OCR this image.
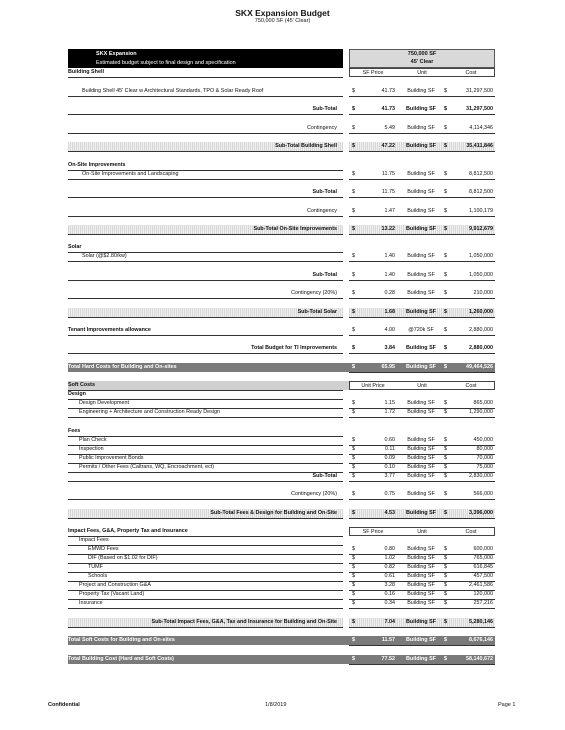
SKX Expansion Budget
750,000 SF (45' Clear)
SKX Expansion
Estimated budget subject to final design and specification
750,000 SF
45' Clear
Building Shell	SF Price	Unit	Cost
Building Shell 45' Clear w Architectural Standards, TPO & Solar Ready Roof	$	41.73	Building SF	$	31,297,500
Sub-Total	$	41.73	Building SF	$	31,297,500
Contingency	$	5.49	Building SF	$	4,114,346
Sub-Total Building Shell	$	47.22	Building SF	$	35,411,846
On-Site Improvements
On-Site Improvements and Landscaping	$	11.75	Building SF	$	8,812,500
Sub-Total	$	11.75	Building SF	$	8,812,500
Contingency	$	1.47	Building SF	$	1,100,179
Sub-Total On-Site Improvements	$	13.22	Building SF	$	9,912,679
Solar
Solar (@$2.80/kw)	$	1.40	Building SF	$	1,050,000
Sub-Total	$	1.40	Building SF	$	1,050,000
Contingency (20%)	$	0.28	Building SF	$	210,000
Sub-Total Solar	$	1.68	Building SF	$	1,260,000
Tenant Improvements allowance	$	4.00	@720k SF	$	2,880,000
Total Budget for TI Improvements	$	3.84	Building SF	$	2,880,000
Total Hard Costs for Building and On-sites	$	65.95	Building SF	$	49,464,526
Soft Costs	Unit Price	Unit	Cost
Design
Design Development	$	1.15	Building SF	$	865,000
Engineering + Architecture and Construction Ready Design	$	1.72	Building SF	$	1,290,000
Fees
Plan Check	$	0.60	Building SF	$	450,000
Inspection	$	0.11	Building SF	$	80,000
Public Improvement Bonds	$	0.09	Building SF	$	70,000
Permits / Other Fees (Caltrans, WQ, Encroachment, ect)	$	0.10	Building SF	$	75,000
Sub-Total	$	3.77	Building SF	$	2,830,000
Contingency (20%)	$	0.75	Building SF	$	566,000
Sub-Total Fees & Design for Building and On-Site	$	4.53	Building SF	$	3,396,000
Impact Fees, G&A, Property Tax and Insurance	SF Price	Unit	Cost
Impact Fees
EMWD Fees	$	0.80	Building SF	$	600,000
DIF (Based on $1.02 for DIF)	$	1.02	Building SF	$	765,000
TUMF	$	0.82	Building SF	$	616,845
Schools	$	0.61	Building SF	$	457,500
Project and Construction G&A	$	3.28	Building SF	$	2,461,586
Property Tax (Vacant Land)	$	0.16	Building SF	$	120,000
Insurance	$	0.34	Building SF	$	257,216
Sub-Total Impact Fees, G&A, Tax and Insurance for Building and On-Site	$	7.04	Building SF	$	5,280,146
Total Soft Costs for Building and On-sites	$	11.57	Building SF	$	8,676,146
Total Building Cost (Hard and Soft Costs)	$	77.52	Building SF	$	58,140,672
Confidential	1/8/2019	Page 1
